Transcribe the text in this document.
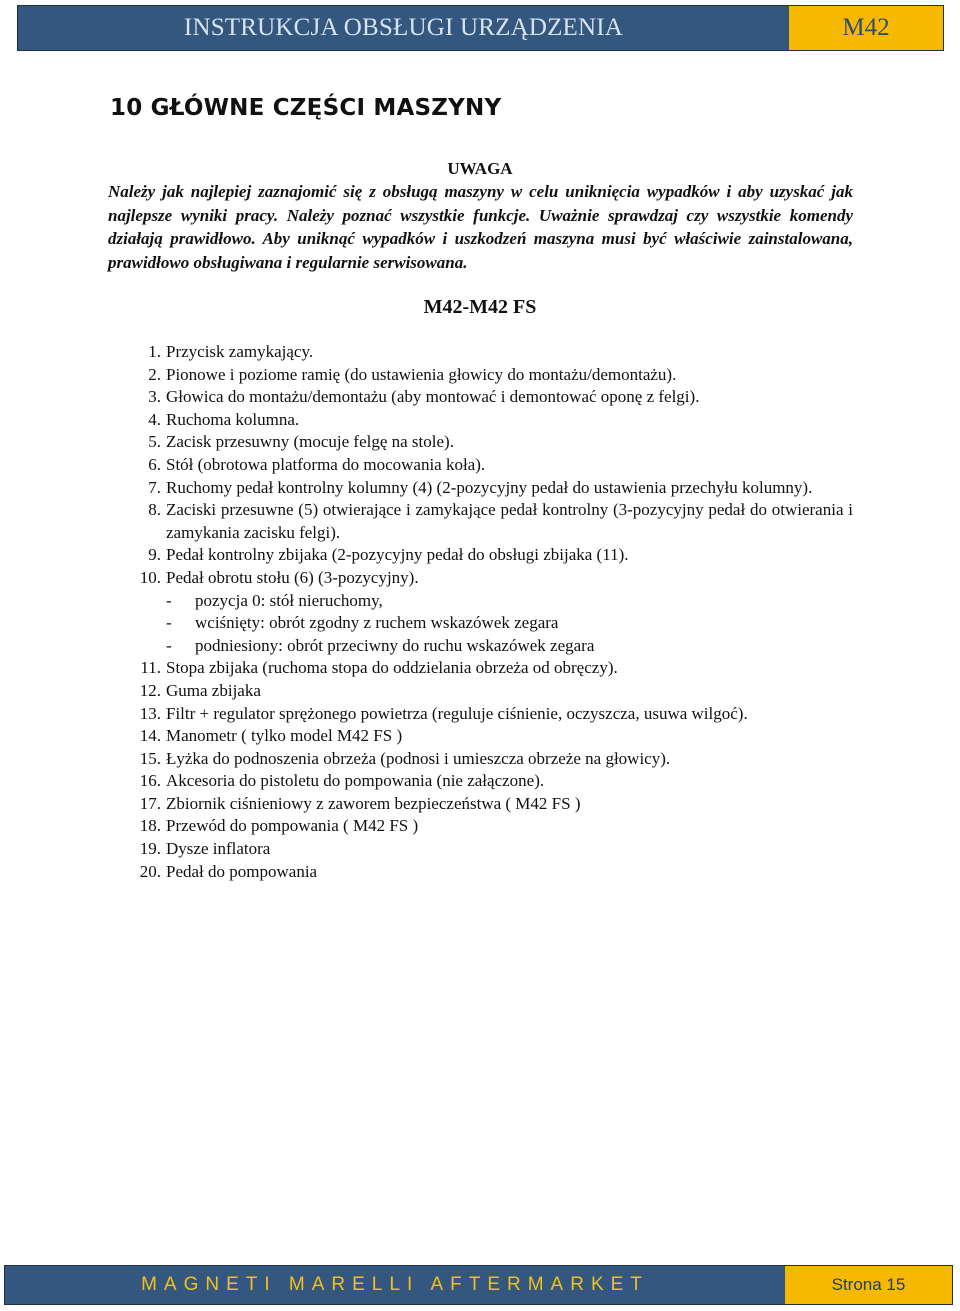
INSTRUKCJA OBSŁUGI URZĄDZENIA	M42
10 GŁÓWNE CZĘŚCI MASZYNY
UWAGA
Należy jak najlepiej zaznajomić się z obsługą maszyny w celu uniknięcia wypadków i aby uzyskać jak najlepsze wyniki pracy. Należy poznać wszystkie funkcje. Uważnie sprawdzaj czy wszystkie komendy działają prawidłowo. Aby uniknąć wypadków i uszkodzeń maszyna musi być właściwie zainstalowana, prawidłowo obsługiwana i regularnie serwisowana.
M42-M42 FS
1. Przycisk zamykający.
2. Pionowe i poziome ramię (do ustawienia głowicy do montażu/demontażu).
3. Głowica do montażu/demontażu (aby montować i demontować oponę z felgi).
4. Ruchoma kolumna.
5. Zacisk przesuwny (mocuje felgę na stole).
6. Stół (obrotowa platforma do mocowania koła).
7. Ruchomy pedał kontrolny kolumny (4) (2-pozycyjny pedał do ustawienia przechyłu kolumny).
8. Zaciski przesuwne (5) otwierające i zamykające pedał kontrolny (3-pozycyjny pedał do otwierania i zamykania zacisku felgi).
9. Pedał kontrolny zbijaka (2-pozycyjny pedał do obsługi zbijaka (11).
10. Pedał obrotu stołu (6) (3-pozycyjny).
- pozycja 0: stół nieruchomy,
- wciśnięty: obrót zgodny z ruchem wskazówek zegara
- podniesiony: obrót przeciwny do ruchu wskazówek zegara
11. Stopa zbijaka (ruchoma stopa do oddzielania obrzeża od obręczy).
12. Guma zbijaka
13. Filtr + regulator sprężonego powietrza (reguluje ciśnienie, oczyszcza, usuwa wilgoć).
14. Manometr ( tylko model M42 FS )
15. Łyżka do podnoszenia obrzeża (podnosi i umieszcza obrzeże na głowicy).
16. Akcesoria do pistoletu do pompowania (nie załączone).
17. Zbiornik ciśnieniowy z zaworem bezpieczeństwa ( M42 FS )
18. Przewód do pompowania ( M42 FS )
19. Dysze inflatora
20. Pedał do pompowania
MAGNETI MARELLI AFTERMARKET	Strona 15
